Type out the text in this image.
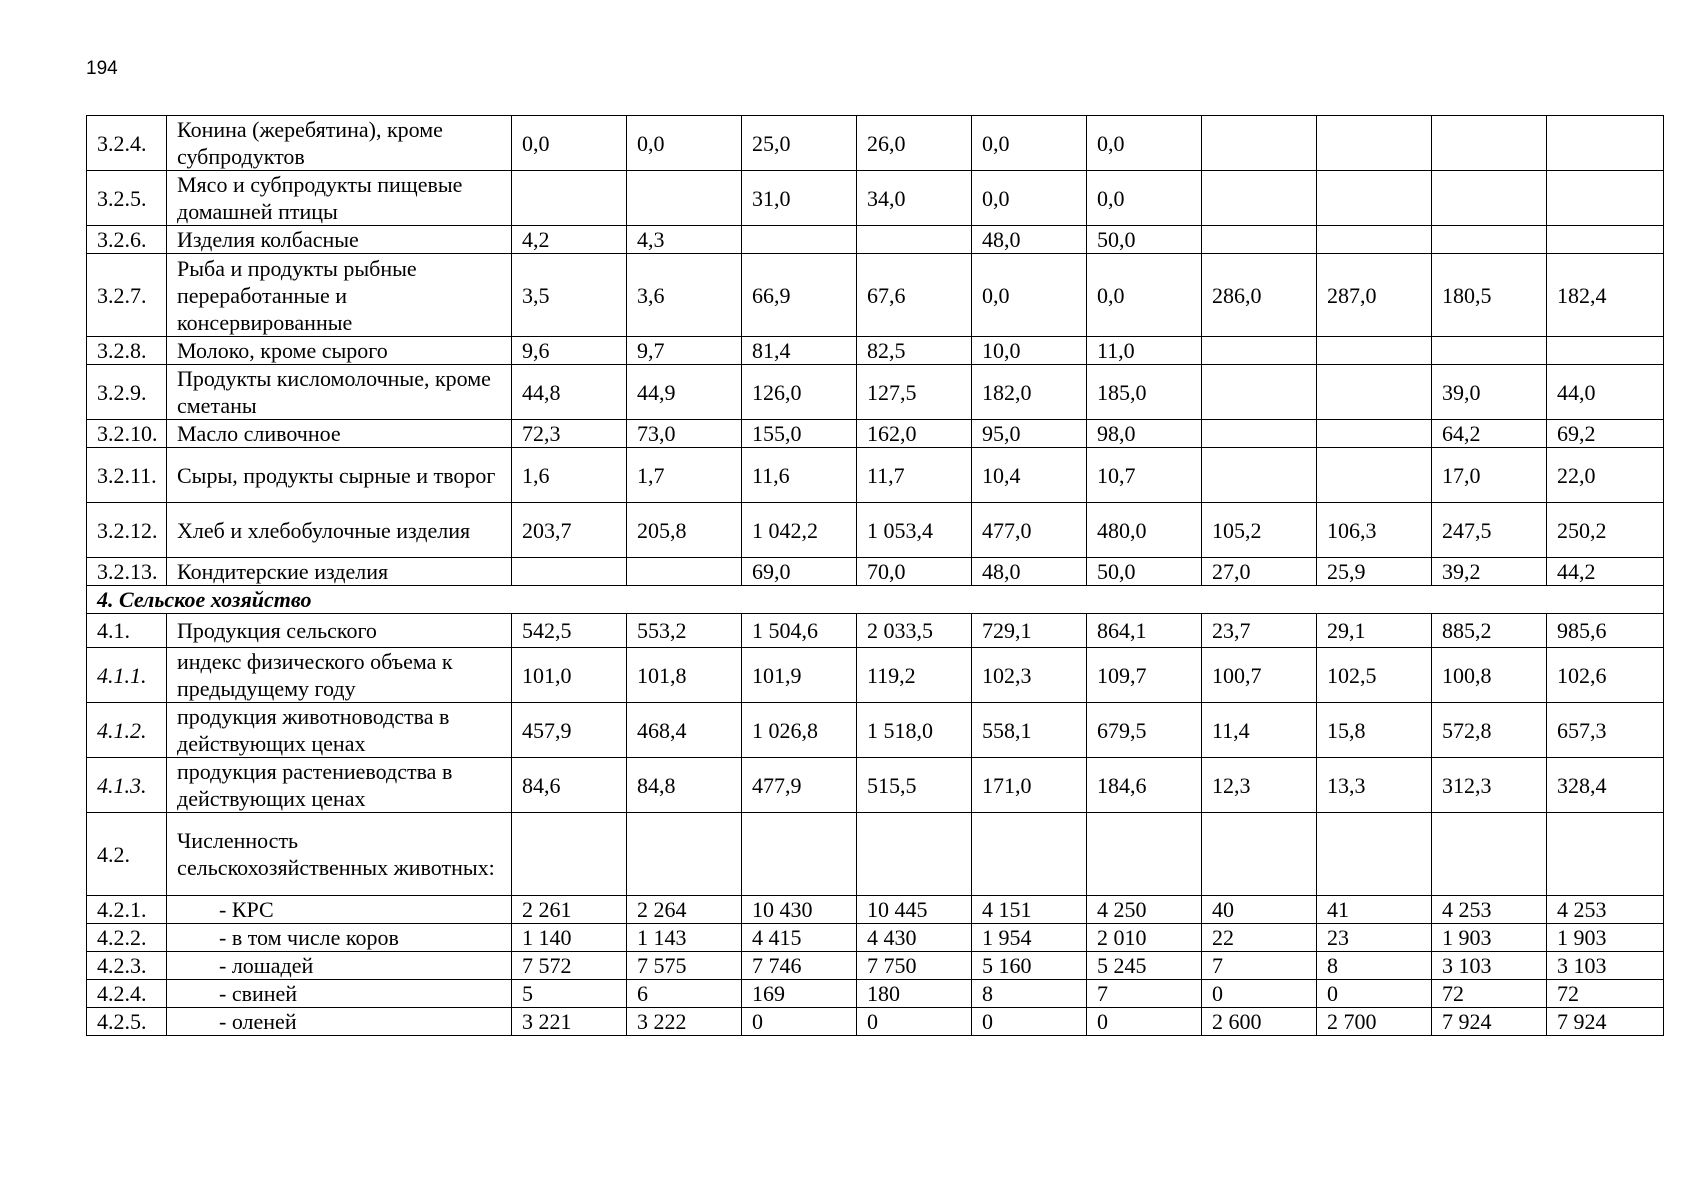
194
3.2.4.	Конина (жеребятина), кроме субпродуктов	0,0	0,0	25,0	26,0	0,0	0,0				
3.2.5.	Мясо и субпродукты пищевые домашней птицы			31,0	34,0	0,0	0,0				
3.2.6.	Изделия колбасные	4,2	4,3			48,0	50,0				
3.2.7.	Рыба и продукты рыбные переработанные и консервированные	3,5	3,6	66,9	67,6	0,0	0,0	286,0	287,0	180,5	182,4
3.2.8.	Молоко, кроме сырого	9,6	9,7	81,4	82,5	10,0	11,0				
3.2.9.	Продукты кисломолочные, кроме сметаны	44,8	44,9	126,0	127,5	182,0	185,0			39,0	44,0
3.2.10.	Масло сливочное	72,3	73,0	155,0	162,0	95,0	98,0			64,2	69,2
3.2.11.	Сыры, продукты сырные и творог	1,6	1,7	11,6	11,7	10,4	10,7			17,0	22,0
3.2.12.	Хлеб и хлебобулочные изделия	203,7	205,8	1 042,2	1 053,4	477,0	480,0	105,2	106,3	247,5	250,2
3.2.13.	Кондитерские изделия			69,0	70,0	48,0	50,0	27,0	25,9	39,2	44,2
4. Сельское хозяйство											
4.1.	Продукция сельского	542,5	553,2	1 504,6	2 033,5	729,1	864,1	23,7	29,1	885,2	985,6
4.1.1.	индекс физического объема к предыдущему году	101,0	101,8	101,9	119,2	102,3	109,7	100,7	102,5	100,8	102,6
4.1.2.	продукция животноводства в действующих ценах	457,9	468,4	1 026,8	1 518,0	558,1	679,5	11,4	15,8	572,8	657,3
4.1.3.	продукция растениеводства в действующих ценах	84,6	84,8	477,9	515,5	171,0	184,6	12,3	13,3	312,3	328,4
4.2.	Численность сельскохозяйственных животных:										
4.2.1.	- КРС	2 261	2 264	10 430	10 445	4 151	4 250	40	41	4 253	4 253
4.2.2.	- в том числе коров	1 140	1 143	4 415	4 430	1 954	2 010	22	23	1 903	1 903
4.2.3.	- лошадей	7 572	7 575	7 746	7 750	5 160	5 245	7	8	3 103	3 103
4.2.4.	- свиней	5	6	169	180	8	7	0	0	72	72
4.2.5.	- оленей	3 221	3 222	0	0	0	0	2 600	2 700	7 924	7 924
